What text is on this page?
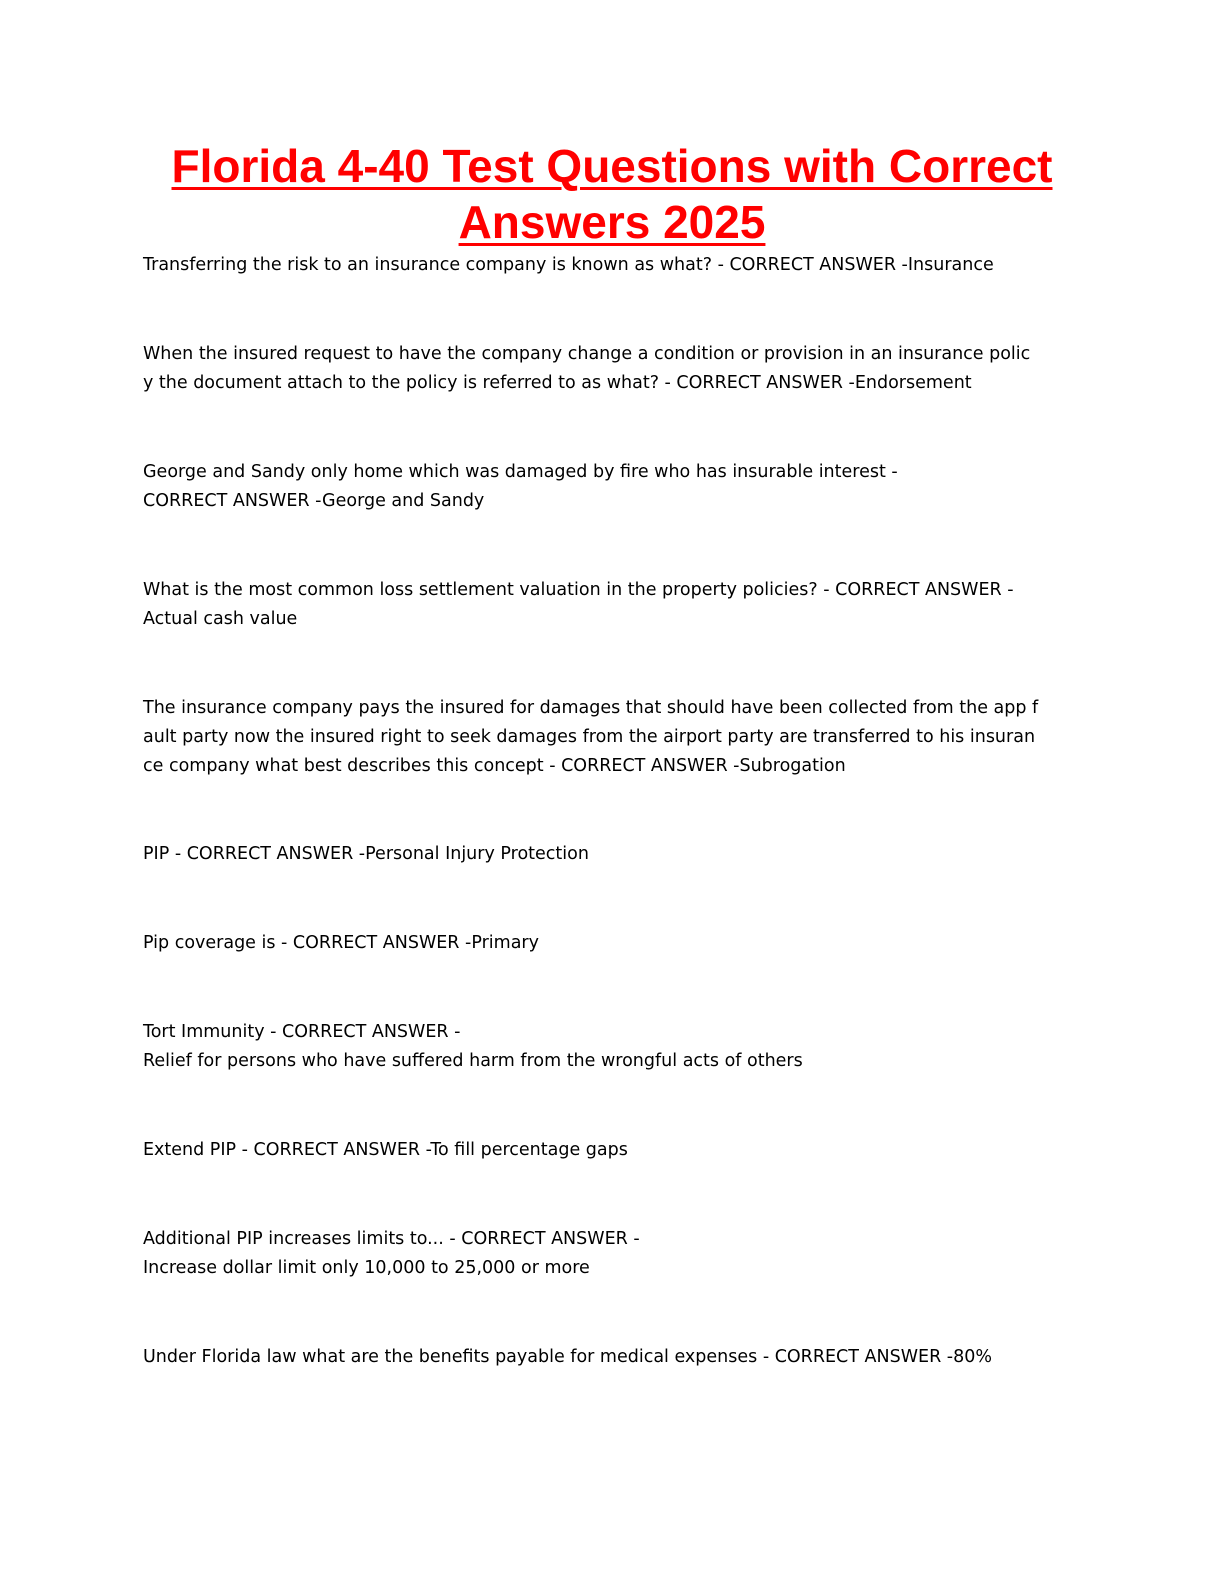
Florida 4-40 Test Questions with Correct
Answers 2025

Transferring the risk to an insurance company is known as what? - CORRECT ANSWER -Insurance

When the insured request to have the company change a condition or provision in an insurance polic
y the document attach to the policy is referred to as what? - CORRECT ANSWER -Endorsement

George and Sandy only home which was damaged by fire who has insurable interest -
CORRECT ANSWER -George and Sandy

What is the most common loss settlement valuation in the property policies? - CORRECT ANSWER -
Actual cash value

The insurance company pays the insured for damages that should have been collected from the app f
ault party now the insured right to seek damages from the airport party are transferred to his insuran
ce company what best describes this concept - CORRECT ANSWER -Subrogation

PIP - CORRECT ANSWER -Personal Injury Protection

Pip coverage is - CORRECT ANSWER -Primary

Tort Immunity - CORRECT ANSWER -
Relief for persons who have suffered harm from the wrongful acts of others

Extend PIP - CORRECT ANSWER -To fill percentage gaps

Additional PIP increases limits to... - CORRECT ANSWER -
Increase dollar limit only 10,000 to 25,000 or more

Under Florida law what are the benefits payable for medical expenses - CORRECT ANSWER -80%
